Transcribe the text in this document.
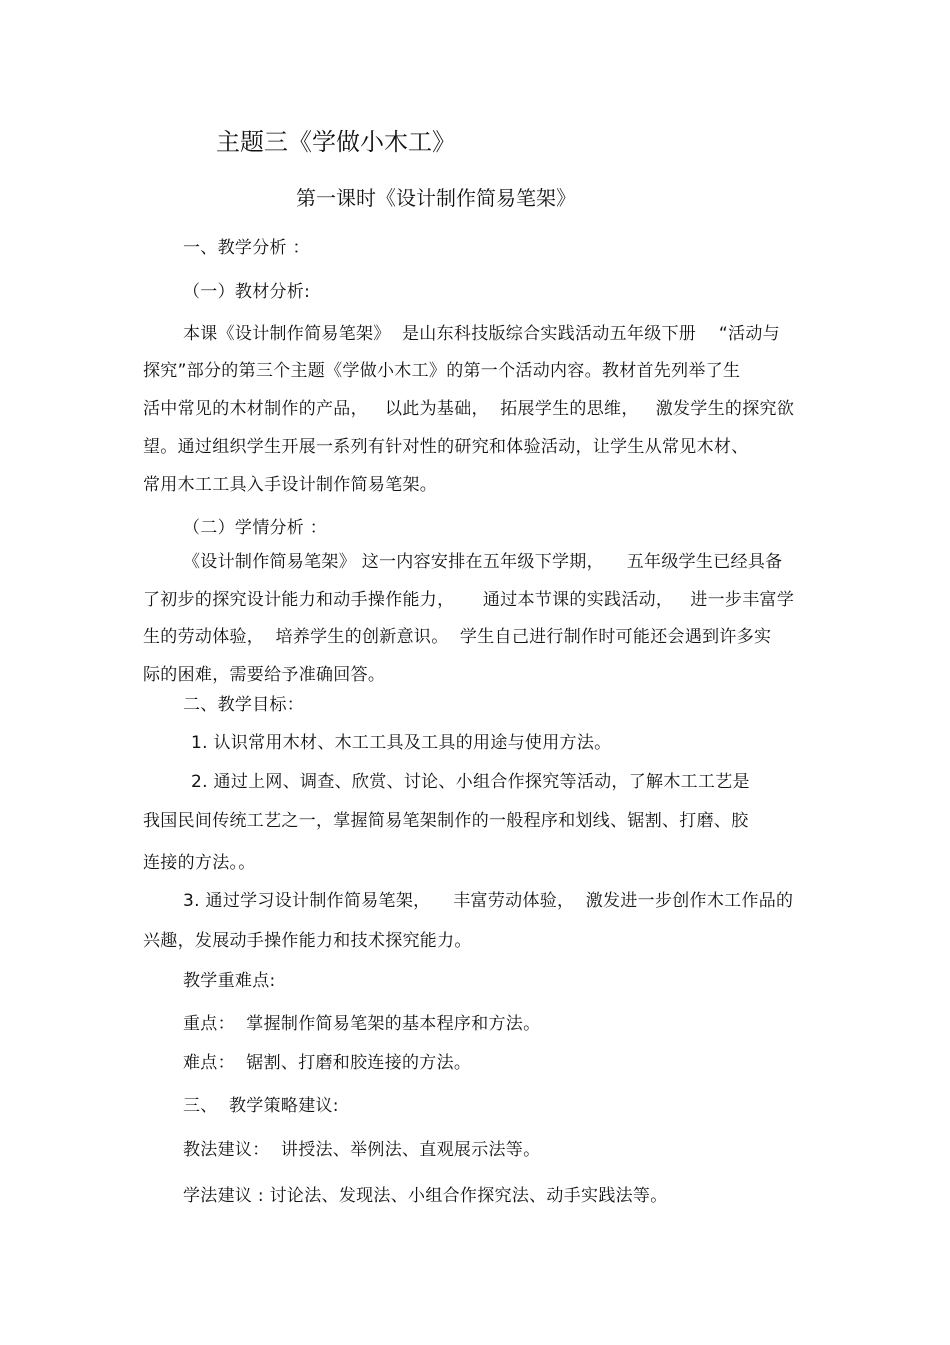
主题三《学做小木工》
第一课时《设计制作简易笔架》
一、教学分析 ：
（一）教材分析:
本课《设计制作简易笔架》  是山东科技版综合实践活动五年级下册    “活动与
探究”部分的第三个主题《学做小木工》的第一个活动内容。教材首先列举了生
活中常见的木材制作的产品，   以此为基础，  拓展学生的思维，   激发学生的探究欲
望。通过组织学生开展一系列有针对性的研究和体验活动，让学生从常见木材、
常用木工工具入手设计制作简易笔架。
（二）学情分析 ：
《设计制作简易笔架》 这一内容安排在五年级下学期，    五年级学生已经具备
了初步的探究设计能力和动手操作能力，     通过本节课的实践活动，   进一步丰富学
生的劳动体验，  培养学生的创新意识。  学生自己进行制作时可能还会遇到许多实
际的困难，需要给予准确回答。
二、教学目标：
1. 认识常用木材、木工工具及工具的用途与使用方法。
2. 通过上网、调查、欣赏、讨论、小组合作探究等活动，了解木工工艺是
我国民间传统工艺之一，掌握简易笔架制作的一般程序和划线、锯割、打磨、胶
连接的方法。。
3. 通过学习设计制作简易笔架，    丰富劳动体验，  激发进一步创作木工作品的
兴趣，发展动手操作能力和技术探究能力。
教学重难点:
重点：  掌握制作简易笔架的基本程序和方法。
难点：  锯割、打磨和胶连接的方法。
三、  教学策略建议:
教法建议：  讲授法、举例法、直观展示法等。
学法建议 : 讨论法、发现法、小组合作探究法、动手实践法等。
